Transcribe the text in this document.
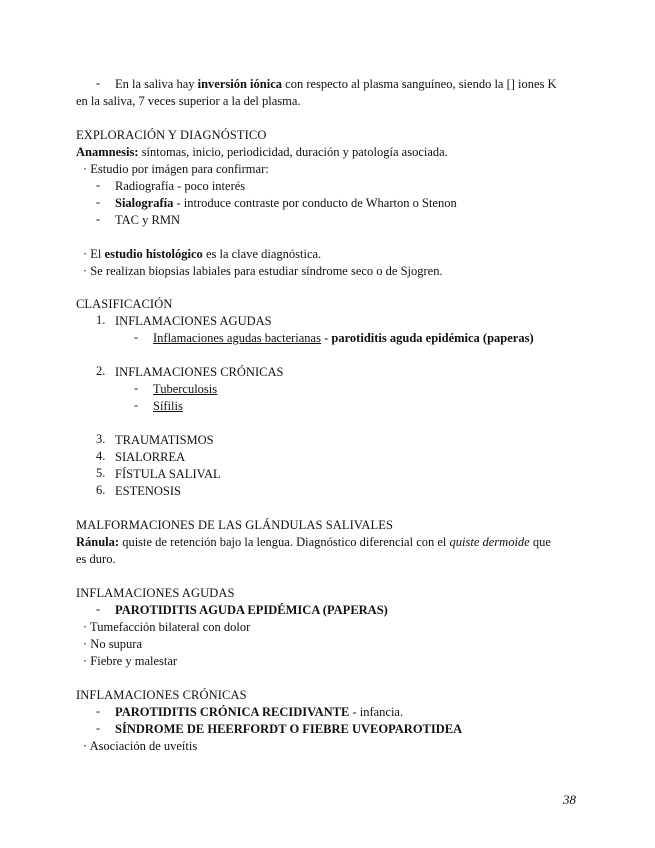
- En la saliva hay inversión iónica con respecto al plasma sanguíneo, siendo la [] iones K
en la saliva, 7 veces superior a la del plasma.
EXPLORACIÓN Y DIAGNÓSTICO
Anamnesis: síntomas, inicio, periodicidad, duración y patología asociada.
· Estudio por imágen para confirmar:
- Radiografía - poco interés
- Sialografía - introduce contraste por conducto de Wharton o Stenon
- TAC y RMN
· El estudio histológico es la clave diagnóstica.
· Se realizan biopsias labiales para estudiar síndrome seco o de Sjogren.
CLASIFICACIÓN
1. INFLAMACIONES AGUDAS
- Inflamaciones agudas bacterianas - parotiditis aguda epidémica (paperas)
2. INFLAMACIONES CRÓNICAS
- Tuberculosis
- Sífilis
3. TRAUMATISMOS
4. SIALORREA
5. FÍSTULA SALIVAL
6. ESTENOSIS
MALFORMACIONES DE LAS GLÁNDULAS SALIVALES
Ránula: quiste de retención bajo la lengua. Diagnóstico diferencial con el quiste dermoide que
es duro.
INFLAMACIONES AGUDAS
- PAROTIDITIS AGUDA EPIDÉMICA (PAPERAS)
· Tumefacción bilateral con dolor
· No supura
· Fiebre y malestar
INFLAMACIONES CRÓNICAS
- PAROTIDITIS CRÓNICA RECIDIVANTE - infancia.
- SÍNDROME DE HEERFORDT O FIEBRE UVEOPAROTIDEA
· Asociación de uveítis
38
